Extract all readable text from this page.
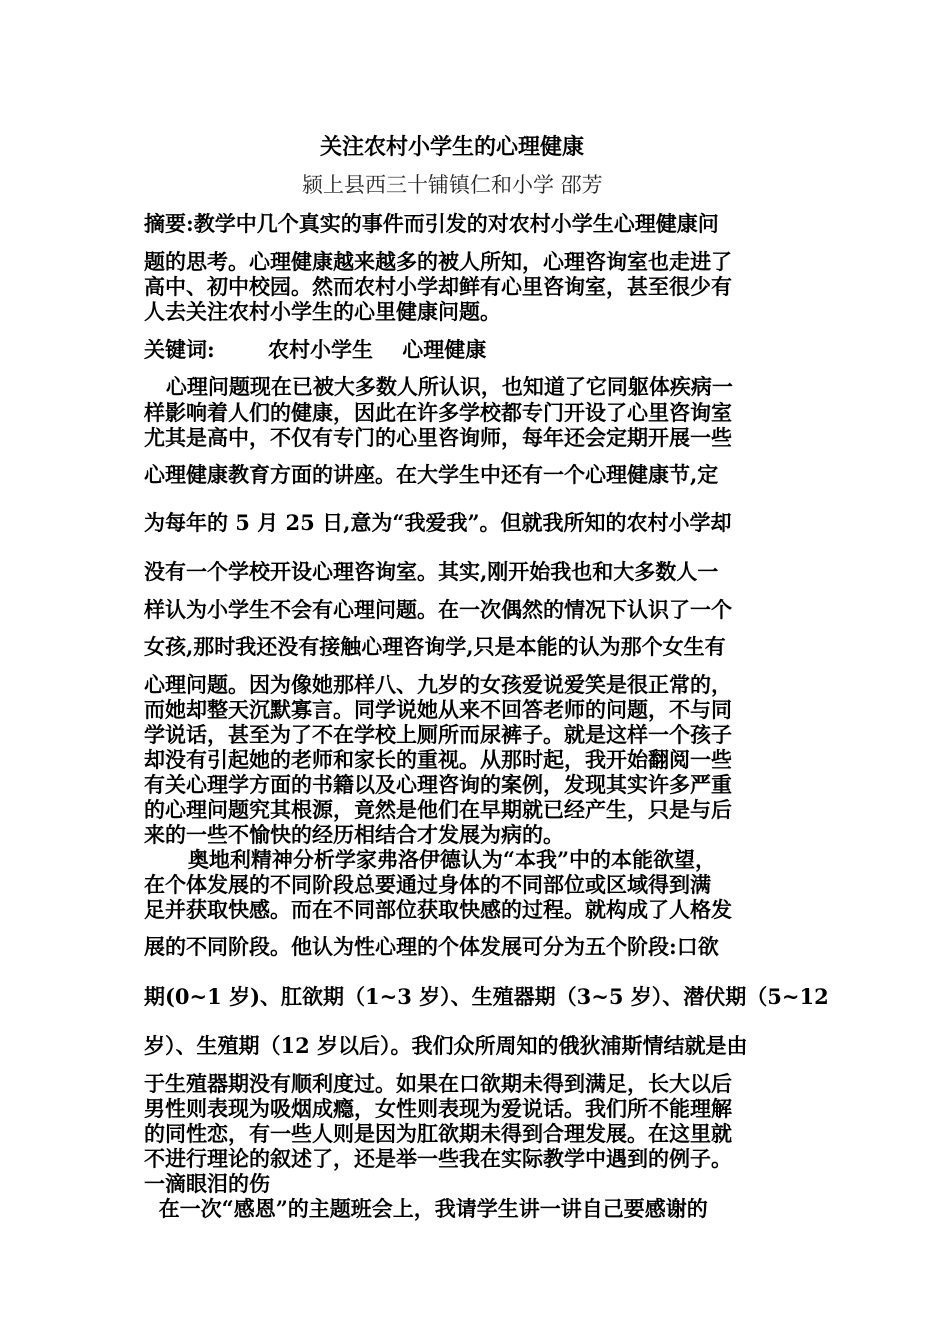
关注农村小学生的心理健康
颍上县西三十铺镇仁和小学 邵芳
摘要:教学中几个真实的事件而引发的对农村小学生心理健康问
题的思考。心理健康越来越多的被人所知，心理咨询室也走进了
高中、初中校园。然而农村小学却鲜有心里咨询室，甚至很少有
人去关注农村小学生的心里健康问题。
关键词:	农村小学生    心理健康
心理问题现在已被大多数人所认识，也知道了它同躯体疾病一
样影响着人们的健康，因此在许多学校都专门开设了心里咨询室
尤其是高中，不仅有专门的心里咨询师，每年还会定期开展一些
心理健康教育方面的讲座。在大学生中还有一个心理健康节,定
为每年的 5 月 25 日,意为“我爱我”。但就我所知的农村小学却
没有一个学校开设心理咨询室。其实,刚开始我也和大多数人一
样认为小学生不会有心理问题。在一次偶然的情况下认识了一个
女孩,那时我还没有接触心理咨询学,只是本能的认为那个女生有
心理问题。因为像她那样八、九岁的女孩爱说爱笑是很正常的，
而她却整天沉默寡言。同学说她从来不回答老师的问题，不与同
学说话，甚至为了不在学校上厕所而尿裤子。就是这样一个孩子
却没有引起她的老师和家长的重视。从那时起，我开始翻阅一些
有关心理学方面的书籍以及心理咨询的案例，发现其实许多严重
的心理问题究其根源，竟然是他们在早期就已经产生，只是与后
来的一些不愉快的经历相结合才发展为病的。
奥地利精神分析学家弗洛伊德认为“本我”中的本能欲望，
在个体发展的不同阶段总要通过身体的不同部位或区域得到满
足并获取快感。而在不同部位获取快感的过程。就构成了人格发
展的不同阶段。他认为性心理的个体发展可分为五个阶段:口欲
期(0~1 岁)、肛欲期（1~3 岁）、生殖器期（3~5 岁）、潜伏期（5~12
岁）、生殖期（12 岁以后）。我们众所周知的俄狄浦斯情结就是由
于生殖器期没有顺利度过。如果在口欲期未得到满足，长大以后
男性则表现为吸烟成瘾，女性则表现为爱说话。我们所不能理解
的同性恋，有一些人则是因为肛欲期未得到合理发展。在这里就
不进行理论的叙述了，还是举一些我在实际教学中遇到的例子。
一滴眼泪的伤
在一次“感恩”的主题班会上，我请学生讲一讲自己要感谢的
